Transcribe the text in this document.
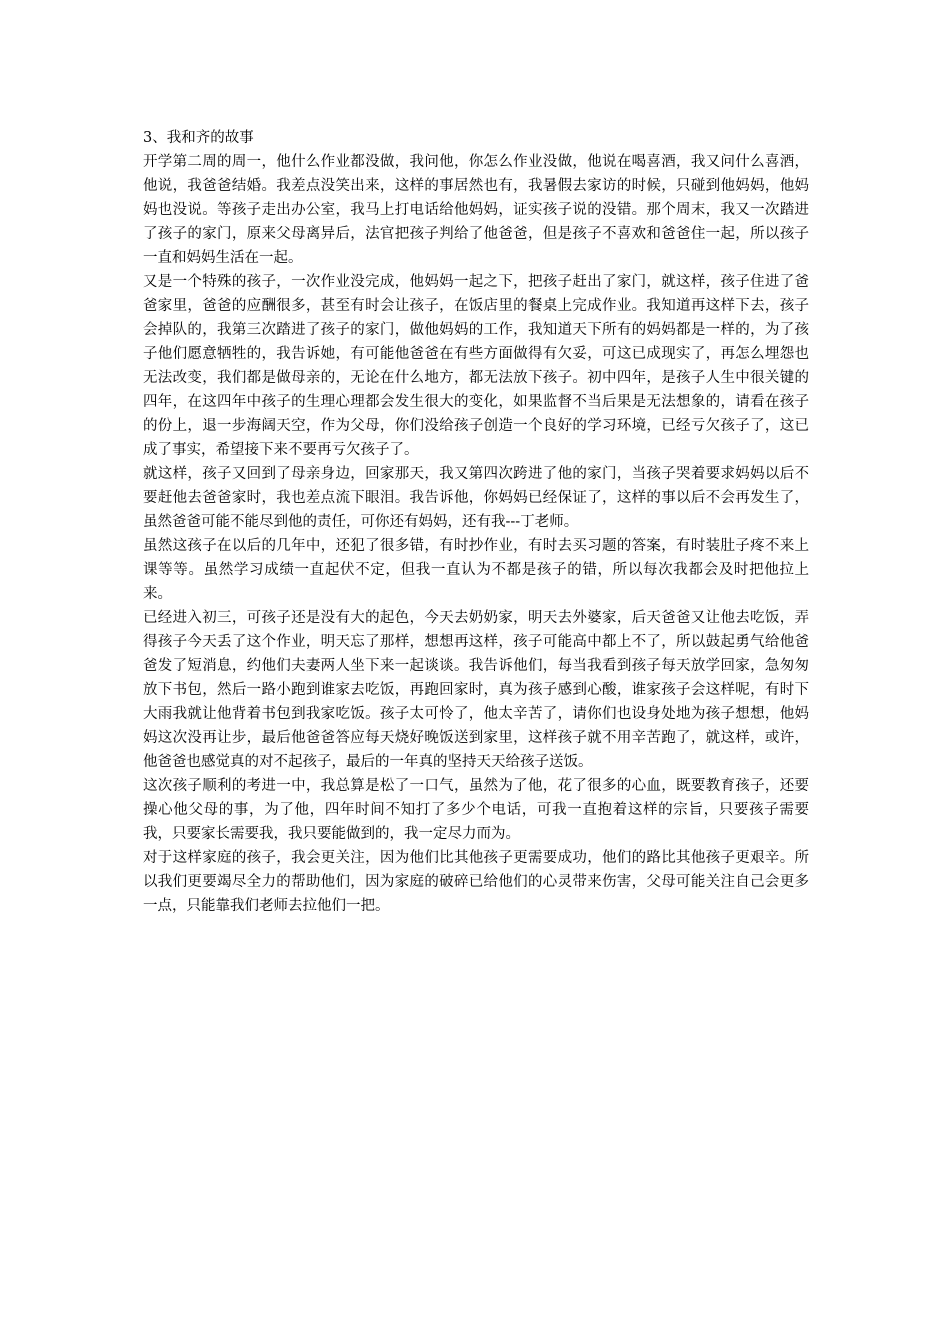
3、我和齐的故事

开学第二周的周一，他什么作业都没做，我问他，你怎么作业没做，他说在喝喜酒，我又问什么喜酒，他说，我爸爸结婚。我差点没笑出来，这样的事居然也有，我暑假去家访的时候，只碰到他妈妈，他妈妈也没说。等孩子走出办公室，我马上打电话给他妈妈，证实孩子说的没错。那个周末，我又一次踏进了孩子的家门，原来父母离异后，法官把孩子判给了他爸爸，但是孩子不喜欢和爸爸住一起，所以孩子一直和妈妈生活在一起。

又是一个特殊的孩子，一次作业没完成，他妈妈一起之下，把孩子赶出了家门，就这样，孩子住进了爸爸家里，爸爸的应酬很多，甚至有时会让孩子，在饭店里的餐桌上完成作业。我知道再这样下去，孩子会掉队的，我第三次踏进了孩子的家门，做他妈妈的工作，我知道天下所有的妈妈都是一样的，为了孩子他们愿意牺牲的，我告诉她，有可能他爸爸在有些方面做得有欠妥，可这已成现实了，再怎么埋怨也无法改变，我们都是做母亲的，无论在什么地方，都无法放下孩子。初中四年，是孩子人生中很关键的四年，在这四年中孩子的生理心理都会发生很大的变化，如果监督不当后果是无法想象的，请看在孩子的份上，退一步海阔天空，作为父母，你们没给孩子创造一个良好的学习环境，已经亏欠孩子了，这已成了事实，希望接下来不要再亏欠孩子了。

就这样，孩子又回到了母亲身边，回家那天，我又第四次跨进了他的家门，当孩子哭着要求妈妈以后不要赶他去爸爸家时，我也差点流下眼泪。我告诉他，你妈妈已经保证了，这样的事以后不会再发生了，虽然爸爸可能不能尽到他的责任，可你还有妈妈，还有我---丁老师。

虽然这孩子在以后的几年中，还犯了很多错，有时抄作业，有时去买习题的答案，有时装肚子疼不来上课等等。虽然学习成绩一直起伏不定，但我一直认为不都是孩子的错，所以每次我都会及时把他拉上来。

已经进入初三，可孩子还是没有大的起色，今天去奶奶家，明天去外婆家，后天爸爸又让他去吃饭，弄得孩子今天丢了这个作业，明天忘了那样，想想再这样，孩子可能高中都上不了，所以鼓起勇气给他爸爸发了短消息，约他们夫妻两人坐下来一起谈谈。我告诉他们，每当我看到孩子每天放学回家，急匆匆放下书包，然后一路小跑到谁家去吃饭，再跑回家时，真为孩子感到心酸，谁家孩子会这样呢，有时下大雨我就让他背着书包到我家吃饭。孩子太可怜了，他太辛苦了，请你们也设身处地为孩子想想，他妈妈这次没再让步，最后他爸爸答应每天烧好晚饭送到家里，这样孩子就不用辛苦跑了，就这样，或许，他爸爸也感觉真的对不起孩子，最后的一年真的坚持天天给孩子送饭。

这次孩子顺利的考进一中，我总算是松了一口气，虽然为了他，花了很多的心血，既要教育孩子，还要操心他父母的事，为了他，四年时间不知打了多少个电话，可我一直抱着这样的宗旨，只要孩子需要我，只要家长需要我，我只要能做到的，我一定尽力而为。

对于这样家庭的孩子，我会更关注，因为他们比其他孩子更需要成功，他们的路比其他孩子更艰辛。所以我们更要竭尽全力的帮助他们，因为家庭的破碎已给他们的心灵带来伤害，父母可能关注自己会更多一点，只能靠我们老师去拉他们一把。
